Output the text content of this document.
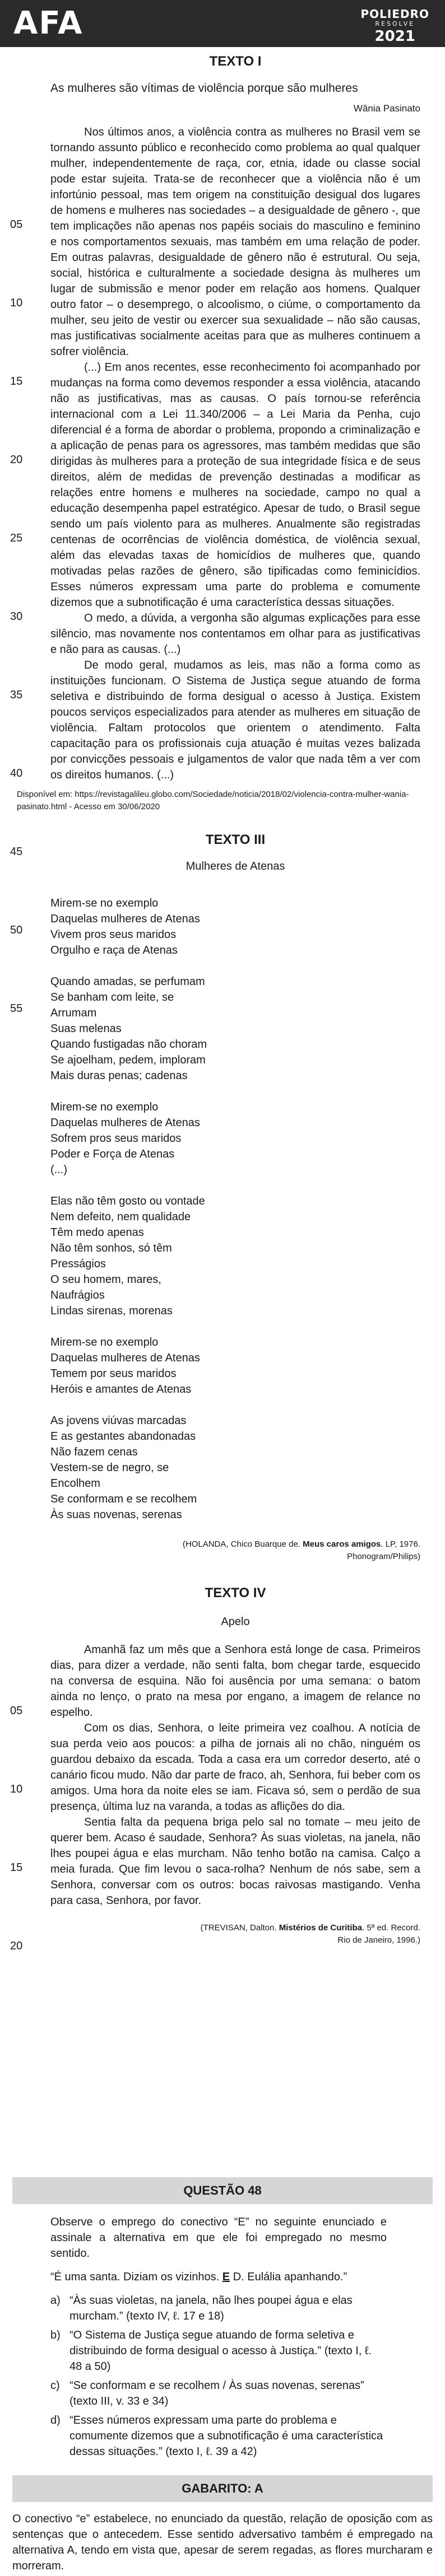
AFA	POLIEDRO
RESOLVE
2021
TEXTO I
As mulheres são vítimas de violência porque são mulheres
Wânia Pasinato
05
10
15
20
25
30
35
40
45
50
55

Nos últimos anos, a violência contra as mulheres no Brasil vem se tornando assunto público e reconhecido como problema ao qual qualquer mulher, independentemente de raça, cor, etnia, idade ou classe social pode estar sujeita. Trata-se de reconhecer que a violência não é um infortúnio pessoal, mas tem origem na constituição desigual dos lugares de homens e mulheres nas sociedades – a desigualdade de gênero -, que tem implicações não apenas nos papéis sociais do masculino e feminino e nos comportamentos sexuais, mas também em uma relação de poder. Em outras palavras, desigualdade de gênero não é estrutural. Ou seja, social, histórica e culturalmente a sociedade designa às mulheres um lugar de submissão e menor poder em relação aos homens. Qualquer outro fator – o desemprego, o alcoolismo, o ciúme, o comportamento da mulher, seu jeito de vestir ou exercer sua sexualidade – não são causas, mas justificativas socialmente aceitas para que as mulheres continuem a sofrer violência.

(...) Em anos recentes, esse reconhecimento foi acompanhado por mudanças na forma como devemos responder a essa violência, atacando não as justificativas, mas as causas. O país tornou-se referência internacional com a Lei 11.340/2006 – a Lei Maria da Penha, cujo diferencial é a forma de abordar o problema, propondo a criminalização e a aplicação de penas para os agressores, mas também medidas que são dirigidas às mulheres para a proteção de sua integridade física e de seus direitos, além de medidas de prevenção destinadas a modificar as relações entre homens e mulheres na sociedade, campo no qual a educação desempenha papel estratégico. Apesar de tudo, o Brasil segue sendo um país violento para as mulheres. Anualmente são registradas centenas de ocorrências de violência doméstica, de violência sexual, além das elevadas taxas de homicídios de mulheres que, quando motivadas pelas razões de gênero, são tipificadas como feminicídios. Esses números expressam uma parte do problema e comumente dizemos que a subnotificação é uma característica dessas situações.

O medo, a dúvida, a vergonha são algumas explicações para esse silêncio, mas novamente nos contentamos em olhar para as justificativas e não para as causas. (...)

De modo geral, mudamos as leis, mas não a forma como as instituições funcionam. O Sistema de Justiça segue atuando de forma seletiva e distribuindo de forma desigual o acesso à Justiça. Existem poucos serviços especializados para atender as mulheres em situação de violência. Faltam protocolos que orientem o atendimento. Falta capacitação para os profissionais cuja atuação é muitas vezes balizada por convicções pessoais e julgamentos de valor que nada têm a ver com os direitos humanos. (...)

Disponível em: https://revistagalileu.globo.com/Sociedade/noticia/2018/02/violencia-contra-mulher-wania-pasinato.html - Acesso em 30/06/2020
TEXTO III
Mulheres de Atenas
Mirem-se no exemplo
Daquelas mulheres de Atenas
Vivem pros seus maridos
Orgulho e raça de Atenas
Quando amadas, se perfumam
Se banham com leite, se
Arrumam
Suas melenas
Quando fustigadas não choram
Se ajoelham, pedem, imploram
Mais duras penas; cadenas
Mirem-se no exemplo
Daquelas mulheres de Atenas
Sofrem pros seus maridos
Poder e Força de Atenas
(...)
Elas não têm gosto ou vontade
Nem defeito, nem qualidade
Têm medo apenas
Não têm sonhos, só têm
Presságios
O seu homem, mares,
Naufrágios
Lindas sirenas, morenas
Mirem-se no exemplo
Daquelas mulheres de Atenas
Temem por seus maridos
Heróis e amantes de Atenas
As jovens viúvas marcadas
E as gestantes abandonadas
Não fazem cenas
Vestem-se de negro, se
Encolhem
Se conformam e se recolhem
Às suas novenas, serenas
(HOLANDA, Chico Buarque de. Meus caros amigos. LP, 1976.
Phonogram/Philips)
TEXTO IV
Apelo
05
10
15
20

Amanhã faz um mês que a Senhora está longe de casa. Primeiros dias, para dizer a verdade, não senti falta, bom chegar tarde, esquecido na conversa de esquina. Não foi ausência por uma semana: o batom ainda no lenço, o prato na mesa por engano, a imagem de relance no espelho.

Com os dias, Senhora, o leite primeira vez coalhou. A notícia de sua perda veio aos poucos: a pilha de jornais ali no chão, ninguém os guardou debaixo da escada. Toda a casa era um corredor deserto, até o canário ficou mudo. Não dar parte de fraco, ah, Senhora, fui beber com os amigos. Uma hora da noite eles se iam. Ficava só, sem o perdão de sua presença, última luz na varanda, a todas as aflições do dia.

Sentia falta da pequena briga pelo sal no tomate – meu jeito de querer bem. Acaso é saudade, Senhora? Às suas violetas, na janela, não lhes poupei água e elas murcham. Não tenho botão na camisa. Calço a meia furada. Que fim levou o saca-rolha? Nenhum de nós sabe, sem a Senhora, conversar com os outros: bocas raivosas mastigando. Venha para casa, Senhora, por favor.

(TREVISAN, Dalton. Mistérios de Curitiba. 5ª ed. Record.
Rio de Janeiro, 1996.)
QUESTÃO 48
Observe o emprego do conectivo “E” no seguinte enunciado e assinale a alternativa em que ele foi empregado no mesmo sentido.
“É uma santa. Diziam os vizinhos. E D. Eulália apanhando.”
a) “Às suas violetas, na janela, não lhes poupei água e elas murcham.” (texto IV, ℓ. 17 e 18)
b) “O Sistema de Justiça segue atuando de forma seletiva e distribuindo de forma desigual o acesso à Justiça.” (texto I, ℓ. 48 a 50)
c) “Se conformam e se recolhem / Às suas novenas, serenas” (texto III, v. 33 e 34)
d) “Esses números expressam uma parte do problema e comumente dizemos que a subnotificação é uma característica dessas situações.” (texto I, ℓ. 39 a 42)
GABARITO: A
O conectivo “e” estabelece, no enunciado da questão, relação de oposição com as sentenças que o antecedem. Esse sentido adversativo também é empregado na alternativa A, tendo em vista que, apesar de serem regadas, as flores murcharam e morreram.
